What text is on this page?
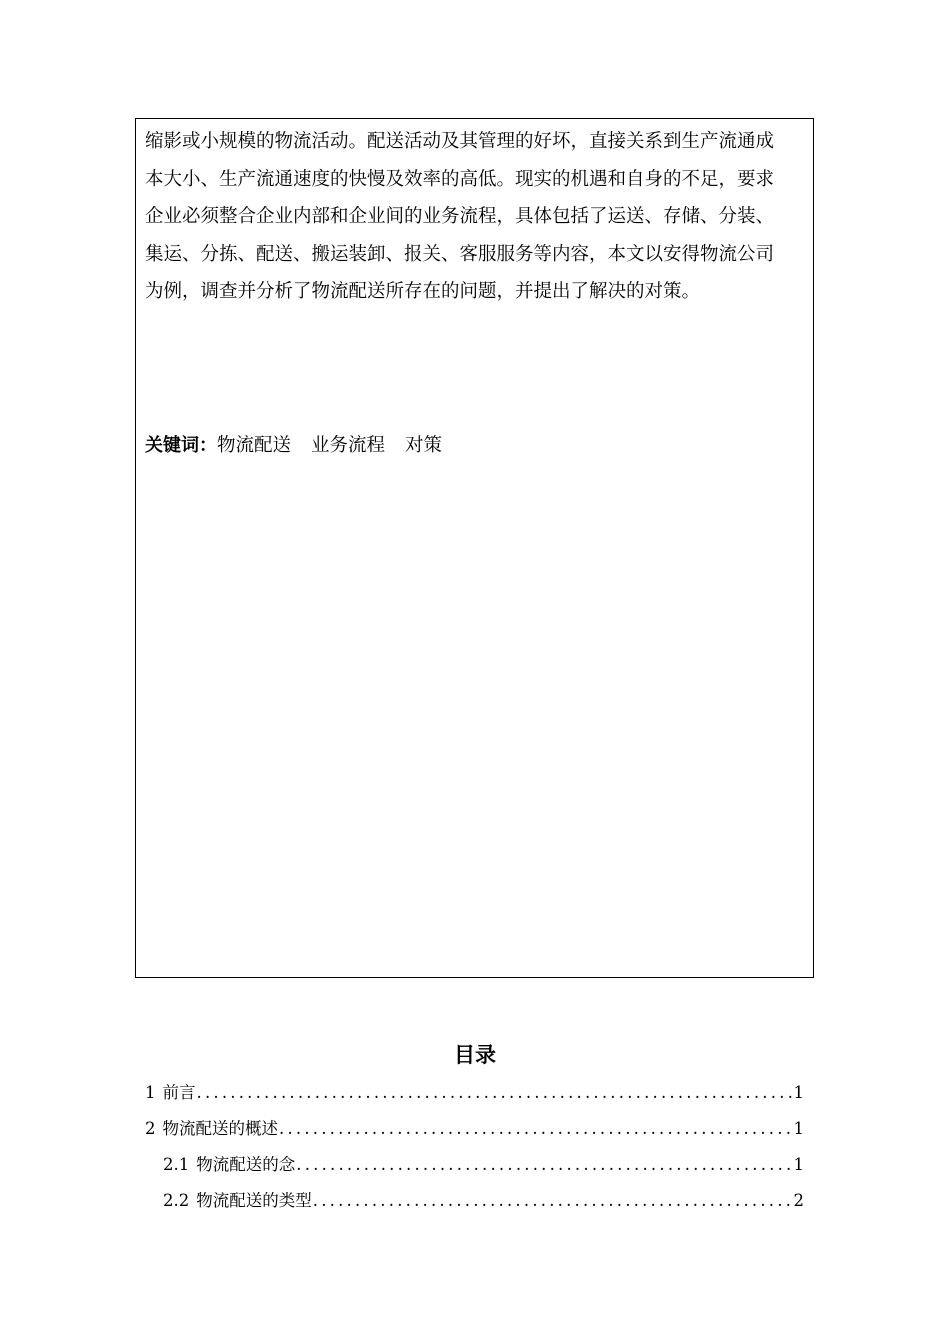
缩影或小规模的物流活动。配送活动及其管理的好坏，直接关系到生产流通成
本大小、生产流通速度的快慢及效率的高低。现实的机遇和自身的不足，要求
企业必须整合企业内部和企业间的业务流程，具体包括了运送、存储、分装、
集运、分拣、配送、搬运装卸、报关、客服服务等内容，本文以安得物流公司
为例，调查并分析了物流配送所存在的问题，并提出了解决的对策。
关键词：物流配送 业务流程 对策
目录
1 前言 .....	1
2 物流配送的概述 .....	1
2.1 物流配送的念 .....	1
2.2 物流配送的类型 .....	2
